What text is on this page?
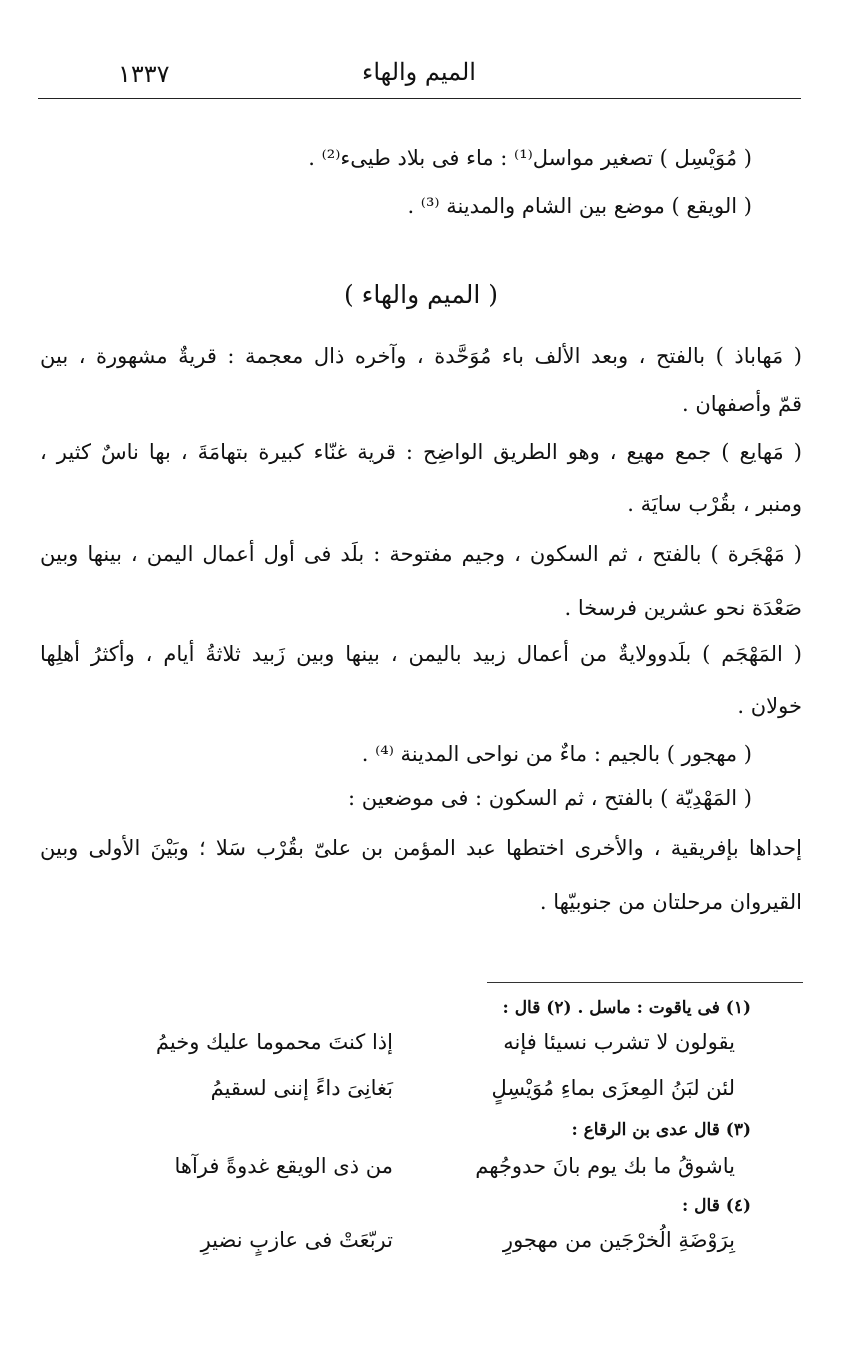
١٣٣٧	الميم والهاء
( مُوَيْسِل ) تصغير مواسل⁽¹⁾ : ماء فى بلاد طيىء⁽²⁾ .
( الويقع ) موضع بين الشام والمدينة ⁽³⁾ .
( الميم والهاء )
( مَهاباذ ) بالفتح ، وبعد الألف باء مُوَحَّدة ، وآخره ذال معجمة : قريةٌ مشهورة ، بين
قمّ وأصفهان .
( مَهايع ) جمع مهيع ، وهو الطريق الواضِح : قرية غنّاء كبيرة بتهامَةَ ، بها ناسٌ كثير ،
ومنبر ، بقُرْب سايَة .
( مَهْجَرة ) بالفتح ، ثم السكون ، وجيم مفتوحة : بلَد فى أول أعمال اليمن ، بينها وبين
صَعْدَة نحو عشرين فرسخا .
( المَهْجَم ) بلَدوولايةٌ من أعمال زبيد باليمن ، بينها وبين زَبيد ثلاثةُ أيام ، وأكثرُ أهلِها
خولان .
( مهجور ) بالجيم : ماءٌ من نواحى المدينة ⁽⁴⁾ .
( المَهْدِيّة ) بالفتح ، ثم السكون : فى موضعين :
إحداها بإفريقية ، والأخرى اختطها عبد المؤمن بن علىّ بقُرْب سَلا ؛ وبَيْنَ الأولى وبين
القيروان مرحلتان من جنوبيّها .
(١) فى ياقوت : ماسل . (٢) قال :
يقولون لا تشرب نسيئا فإنه
إذا كنتَ محموما عليك وخيمُ
لئن لبَنُ المِعزَى بماءِ مُوَيْسِلٍ
بَغانِىَ داءً إننى لسقيمُ
(٣) قال عدى بن الرقاع :
ياشوقُ ما بك يوم بانَ حدوجُهم
من ذى الويقع غدوةً فرآها
(٤) قال :
بِرَوْضَةِ الُخرْجَين من مهجورِ
تربّعَتْ فى عازبٍ نضيرِ
